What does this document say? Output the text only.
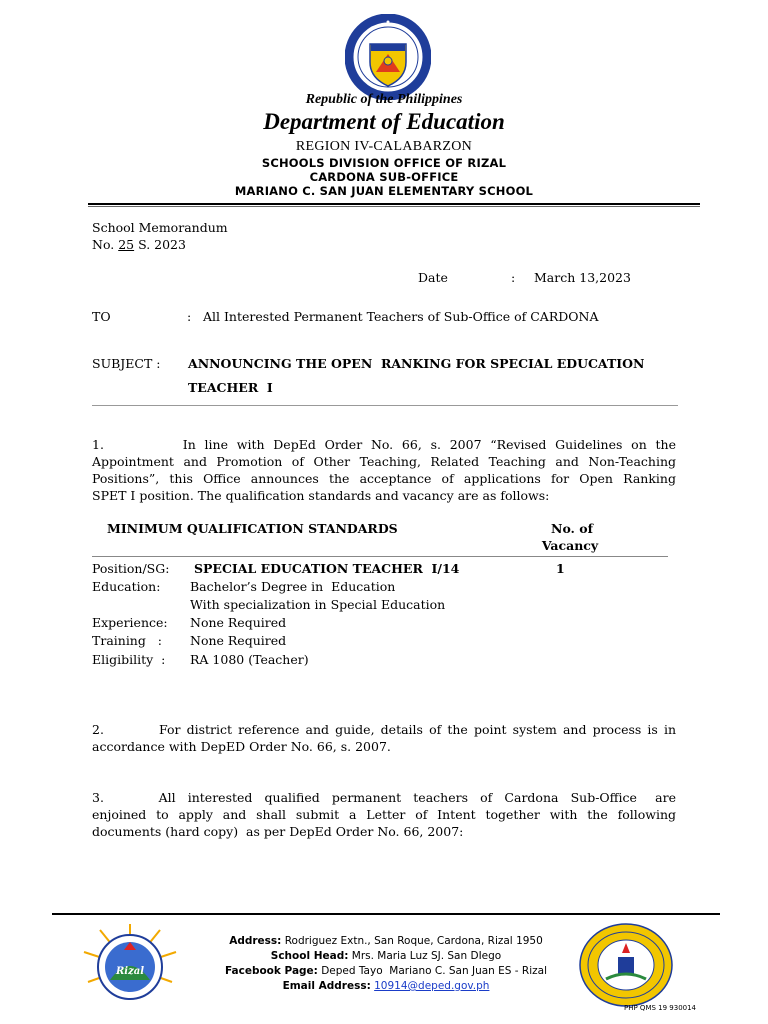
Republic of the Philippines
Department of Education
REGION IV-CALABARZON
SCHOOLS DIVISION OFFICE OF RIZAL
CARDONA SUB-OFFICE
MARIANO C. SAN JUAN ELEMENTARY SCHOOL
School Memorandum
No. 25 S. 2023
Date	: March 13,2023
TO	: All Interested Permanent Teachers of Sub-Office of CARDONA
SUBJECT : ANNOUNCING THE OPEN  RANKING FOR SPECIAL EDUCATION
TEACHER  I
1.         In line with DepEd Order No. 66, s. 2007 “Revised Guidelines on the
Appointment and Promotion of Other Teaching, Related Teaching and Non-Teaching
Positions”, this Office announces the acceptance of applications for Open Ranking
SPET I position. The qualification standards and vacancy are as follows:
MINIMUM QUALIFICATION STANDARDS	No. of
Vacancy
Position/SG: SPECIAL EDUCATION TEACHER  I/14	1
Education: Bachelor’s Degree in  Education
With specialization in Special Education
Experience: None Required
Training   : None Required
Eligibility  : RA 1080 (Teacher)
2.         For district reference and guide, details of the point system and process is in
accordance with DepED Order No. 66, s. 2007.
3.         All  interested  qualified  permanent  teachers  of  Cardona  Sub-Office   are
enjoined to apply and shall submit a Letter of Intent together with the following
documents (hard copy)  as per DepEd Order No. 66, 2007:
Rizal
Address: Rodriguez Extn., San Roque, Cardona, Rizal 1950
School Head: Mrs. Maria Luz SJ. San DIego
Facebook Page: Deped Tayo  Mariano C. San Juan ES - Rizal
Email Address: 10914@deped.gov.ph
PHP QMS 19 930014
